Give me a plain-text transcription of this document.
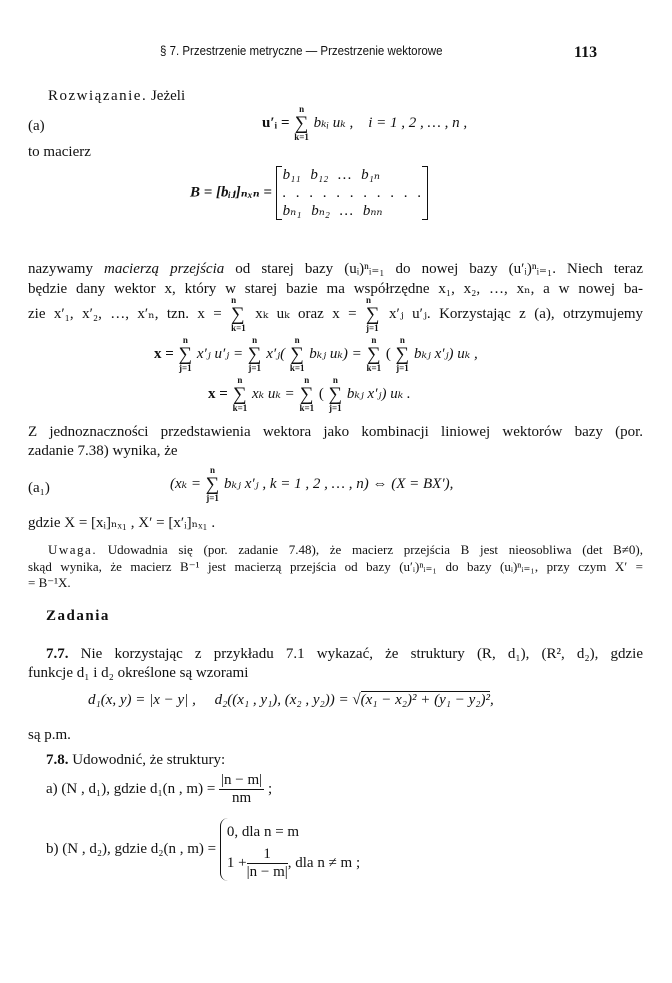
§ 7. Przestrzenie metryczne — Przestrzenie wektorowe	113
Rozwiązanie. Jeżeli
(a)	u′ᵢ =
n
∑
k=1
bₖᵢ uₖ , i = 1 , 2 , … , n ,
to macierz
B = [bᵢⱼ]ₙₓₙ =
b₁₁ b₁₂ … b₁ₙ
. . . . . . . . . . .
bₙ₁ bₙ₂ … bₙₙ
nazywamy macierzą przejścia od starej bazy (uᵢ)ⁿᵢ₌₁ do nowej bazy (u′ᵢ)ⁿᵢ₌₁. Niech teraz
będzie dany wektor x, który w starej bazie ma współrzędne x₁, x₂, …, xₙ, a w nowej ba-
zie x′₁, x′₂, …, x′ₙ, tzn. x =
n
∑
k=1
xₖ uₖ oraz x =
n
∑
j=1
x′ⱼ u′ⱼ. Korzystając z (a), otrzymujemy
x =
n
∑
j=1
x′ⱼ u′ⱼ =
n
∑
j=1
x′ⱼ(
n
∑
k=1
bₖⱼ uₖ) =
n
∑
k=1
(
n
∑
j=1
bₖⱼ x′ⱼ) uₖ ,
x =
n
∑
k=1
xₖ uₖ =
n
∑
k=1
(
n
∑
j=1
bₖⱼ x′ⱼ) uₖ .
Z jednoznaczności przedstawienia wektora jako kombinacji liniowej wektorów bazy (por.
zadanie 7.38) wynika, że
(a₁)	(xₖ =
n
∑
j=1
bₖⱼ x′ⱼ , k = 1 , 2 , … , n) ⇔ (X = BX′),
gdzie X = [xᵢ]ₙₓ₁ , X′ = [x′ᵢ]ₙₓ₁ .
Uwaga. Udowadnia się (por. zadanie 7.48), że macierz przejścia B jest nieosobliwa (det B≠0),
skąd wynika, że macierz B⁻¹ jest macierzą przejścia od bazy (u′ᵢ)ⁿᵢ₌₁ do bazy (uᵢ)ⁿᵢ₌₁, przy czym X′ =
= B⁻¹X.
Zadania
7.7. Nie korzystając z przykładu 7.1 wykazać, że struktury (R, d₁), (R², d₂), gdzie
funkcje d₁ i d₂ określone są wzorami
d₁(x, y) = |x − y| , d₂((x₁ , y₁), (x₂ , y₂)) = √(x₁ − x₂)² + (y₁ − y₂)²,
są p.m.
7.8. Udowodnić, że struktury:
a) (N , d₁), gdzie d₁(n , $m) = \frac{|n - m|}{nm}$ ;
b) (N , d₂), gdzie d₂(n , m) =
0, dla n = m
$1 + \frac{1}{|n - m|}$ , dla n ≠ m ;
